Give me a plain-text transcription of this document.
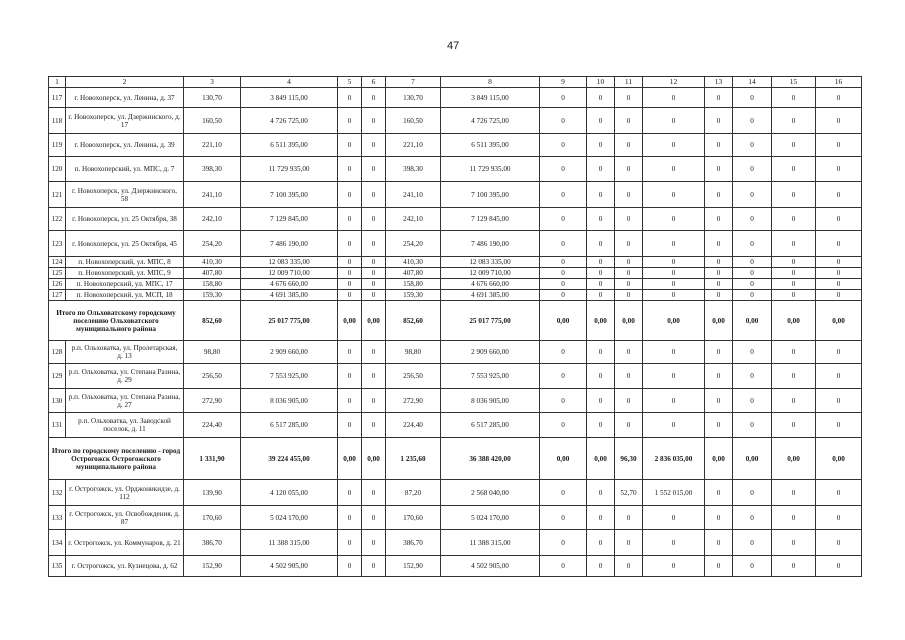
47
1	2	3	4	5	6	7	8	9	10	11	12	13	14	15	16
117	г. Новохоперск, ул. Ленина, д. 37	130,70	3 849 115,00	0	0	130,70	3 849 115,00	0	0	0	0	0	0	0	0
118	г. Новохоперск, ул. Дзержинского, д. 17	160,50	4 726 725,00	0	0	160,50	4 726 725,00	0	0	0	0	0	0	0	0
119	г. Новохоперск, ул. Ленина, д. 39	221,10	6 511 395,00	0	0	221,10	6 511 395,00	0	0	0	0	0	0	0	0
120	п. Новохоперский, ул. МПС, д. 7	398,30	11 729 935,00	0	0	398,30	11 729 935,00	0	0	0	0	0	0	0	0
121	г. Новохоперск, ул. Дзержинского, 58	241,10	7 100 395,00	0	0	241,10	7 100 395,00	0	0	0	0	0	0	0	0
122	г. Новохоперск, ул. 25 Октября, 38	242,10	7 129 845,00	0	0	242,10	7 129 845,00	0	0	0	0	0	0	0	0
123	г. Новохоперск, ул. 25 Октября, 45	254,20	7 486 190,00	0	0	254,20	7 486 190,00	0	0	0	0	0	0	0	0
124	п. Новохоперский, ул. МПС, 8	410,30	12 083 335,00	0	0	410,30	12 083 335,00	0	0	0	0	0	0	0	0
125	п. Новохоперский, ул. МПС, 9	407,80	12 009 710,00	0	0	407,80	12 009 710,00	0	0	0	0	0	0	0	0
126	п. Новохоперский, ул. МПС, 17	158,80	4 676 660,00	0	0	158,80	4 676 660,00	0	0	0	0	0	0	0	0
127	п. Новохоперский, ул. МСП, 18	159,30	4 691 385,00	0	0	159,30	4 691 385,00	0	0	0	0	0	0	0	0
Итого по Ольховатскому городскому поселению Ольховатского муниципального района		852,60	25 017 775,00	0,00	0,00	852,60	25 017 775,00	0,00	0,00	0,00	0,00	0,00	0,00	0,00	0,00
128	р.п. Ольховатка, ул. Пролетарская, д. 13	98,80	2 909 660,00	0	0	98,80	2 909 660,00	0	0	0	0	0	0	0	0
129	р.п. Ольховатка, ул. Степана Разина, д. 29	256,50	7 553 925,00	0	0	256,50	7 553 925,00	0	0	0	0	0	0	0	0
130	р.п. Ольховатка, ул. Степана Разина, д. 27	272,90	8 036 905,00	0	0	272,90	8 036 905,00	0	0	0	0	0	0	0	0
131	р.п. Ольховатка, ул. Заводской поселок, д. 11	224,40	6 517 285,00	0	0	224,40	6 517 285,00	0	0	0	0	0	0	0	0
Итого по городскому поселению - город Острогожск Острогожского муниципального района		1 331,90	39 224 455,00	0,00	0,00	1 235,60	36 388 420,00	0,00	0,00	96,30	2 836 035,00	0,00	0,00	0,00	0,00
132	г. Острогожск, ул. Орджоникидзе, д. 112	139,90	4 120 055,00	0	0	87,20	2 568 040,00	0	0	52,70	1 552 015,00	0	0	0	0
133	г. Острогожск, ул. Освобождения, д. 87	170,60	5 024 170,00	0	0	170,60	5 024 170,00	0	0	0	0	0	0	0	0
134	г. Острогожск, ул. Коммунаров, д. 21	386,70	11 388 315,00	0	0	386,70	11 388 315,00	0	0	0	0	0	0	0	0
135	г. Острогожск, ул. Кузнецова, д. 62	152,90	4 502 905,00	0	0	152,90	4 502 905,00	0	0	0	0	0	0	0	0
